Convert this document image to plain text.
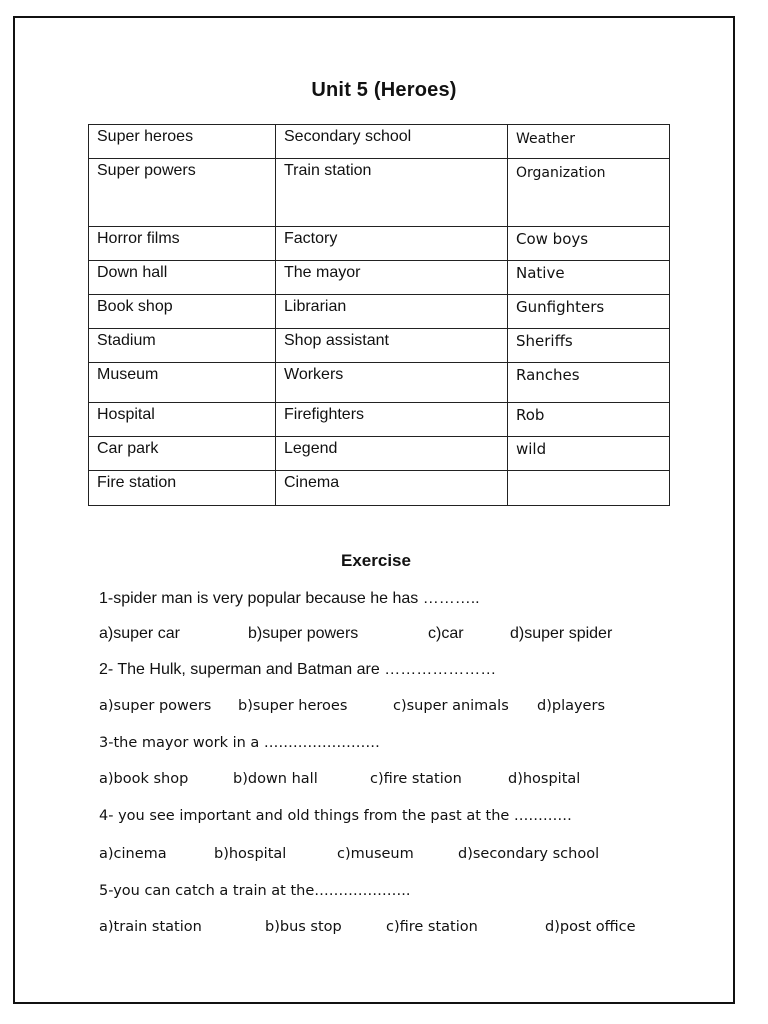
Unit 5 (Heroes)
Super heroes	Secondary school	Weather
Super powers	Train station	Organization
Horror films	Factory	Cow boys
Down hall	The mayor	Native
Book shop	Librarian	Gunfighters
Stadium	Shop assistant	Sheriffs
Museum	Workers	Ranches
Hospital	Firefighters	Rob
Car park	Legend	wild
Fire station	Cinema	
Exercise
1-spider man is very popular because he has ………..
a)super car	b)super powers	c)car	d)super spider
2- The Hulk, superman and Batman are …………………
a)super powers b)super heroes	c)super animals d)players
3-the mayor work in a ……………………
a)book shop	b)down hall	c)fire station	d)hospital
4- you see important and old things from the past at the …………
a)cinema	b)hospital	c)museum	d)secondary school
5-you can catch a train at the………………..
a)train station	b)bus stop	c)fire station	d)post office
